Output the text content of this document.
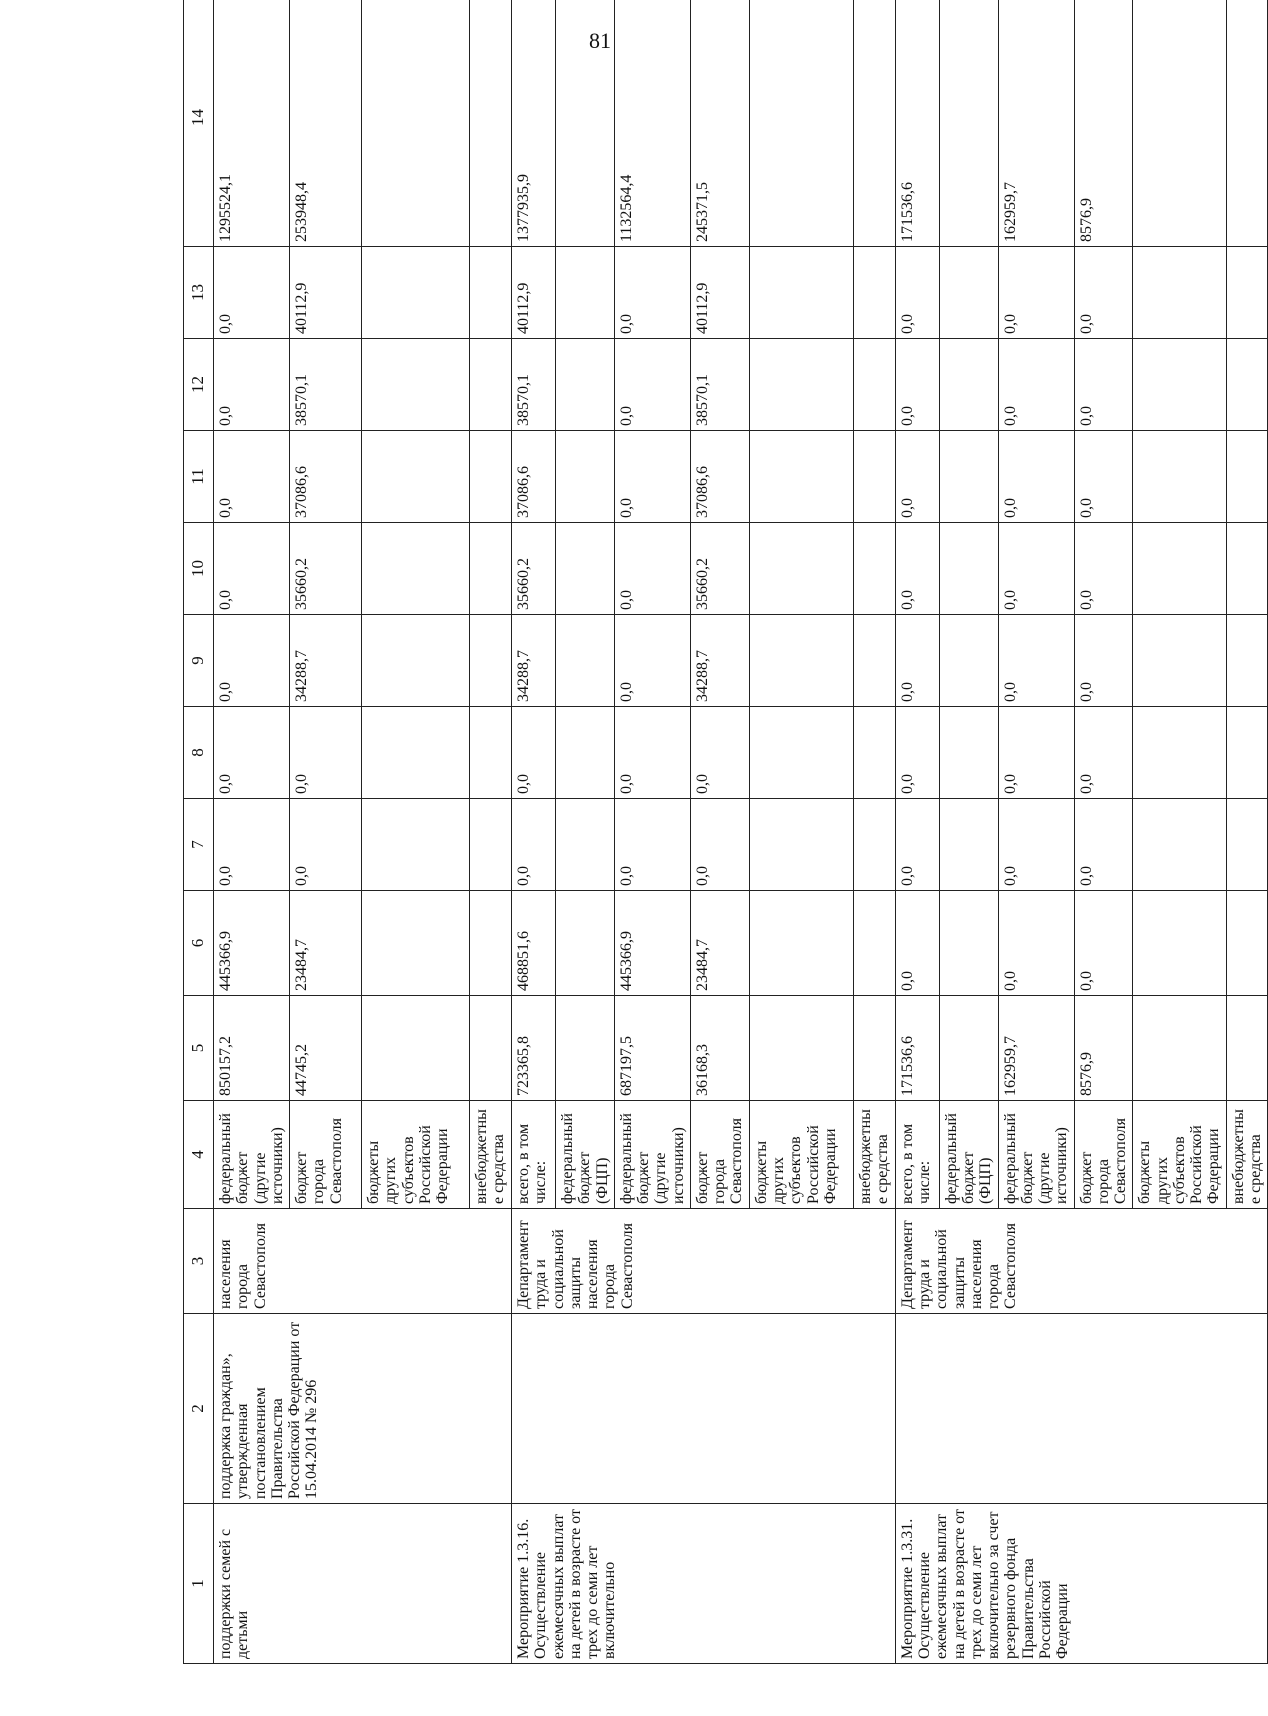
81
1	2	3	4	5	6	7	8	9	10	11	12	13	14
поддержки семей с детьми	поддержка граждан», утвержденная постановлением Правительства Российской Федерации от 15.04.2014 № 296	населения города Севастополя	федеральный бюджет (другие источники)	850157,2	445366,9	0,0	0,0	0,0	0,0	0,0	0,0	0,0	1295524,1
			бюджет города Севастополя	44745,2	23484,7	0,0	0,0	34288,7	35660,2	37086,6	38570,1	40112,9	253948,4
			бюджеты других субъектов Российской Федерации										
			внебюджетные средства										
Мероприятие 1.3.16. Осуществление ежемесячных выплат на детей в возрасте от трех до семи лет включительно		Департамент труда и социальной защиты населения города Севастополя	всего, в том числе:	723365,8	468851,6	0,0	0,0	34288,7	35660,2	37086,6	38570,1	40112,9	1377935,9
			федеральный бюджет (ФЦП)										
			федеральный бюджет (другие источники)	687197,5	445366,9	0,0	0,0	0,0	0,0	0,0	0,0	0,0	1132564,4
			бюджет города Севастополя	36168,3	23484,7	0,0	0,0	34288,7	35660,2	37086,6	38570,1	40112,9	245371,5
			бюджеты других субъектов Российской Федерации										
			внебюджетные средства										
Мероприятие 1.3.31. Осуществление ежемесячных выплат на детей в возрасте от трех до семи лет включительно за счет резервного фонда Правительства Российской Федерации		Департамент труда и социальной защиты населения города Севастополя	всего, в том числе:	171536,6	0,0	0,0	0,0	0,0	0,0	0,0	0,0	0,0	171536,6
			федеральный бюджет (ФЦП)										
			федеральный бюджет (другие источники)	162959,7	0,0	0,0	0,0	0,0	0,0	0,0	0,0	0,0	162959,7
			бюджет города Севастополя	8576,9	0,0	0,0	0,0	0,0	0,0	0,0	0,0	0,0	8576,9
			бюджеты других субъектов Российской Федерации										
			внебюджетные средства										
